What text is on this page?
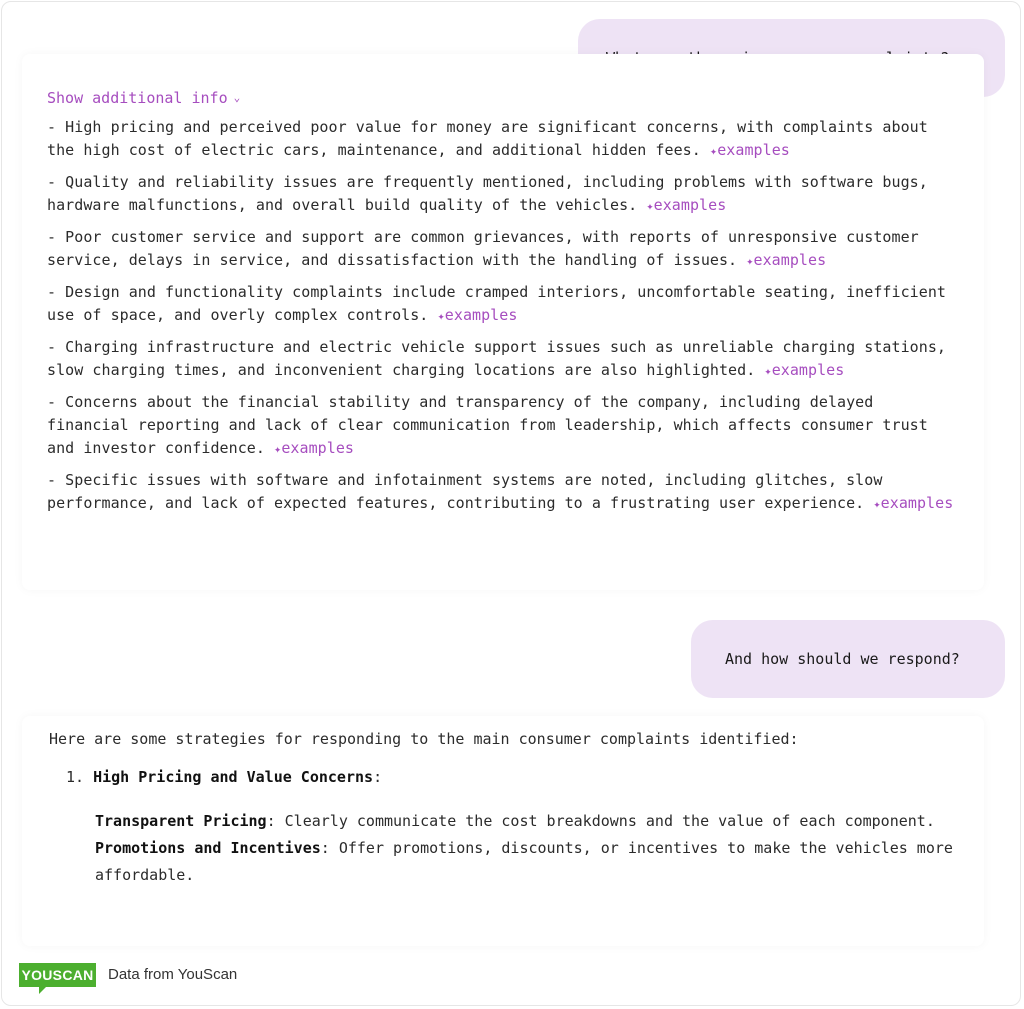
Show additional info ⌄

- High pricing and perceived poor value for money are significant concerns, with complaints about the high cost of electric cars, maintenance, and additional hidden fees. ✦examples

- Quality and reliability issues are frequently mentioned, including problems with software bugs, hardware malfunctions, and overall build quality of the vehicles. ✦examples

- Poor customer service and support are common grievances, with reports of unresponsive customer service, delays in service, and dissatisfaction with the handling of issues. ✦examples

- Design and functionality complaints include cramped interiors, uncomfortable seating, inefficient use of space, and overly complex controls. ✦examples

- Charging infrastructure and electric vehicle support issues such as unreliable charging stations, slow charging times, and inconvenient charging locations are also highlighted. ✦examples

- Concerns about the financial stability and transparency of the company, including delayed financial reporting and lack of clear communication from leadership, which affects consumer trust and investor confidence. ✦examples

- Specific issues with software and infotainment systems are noted, including glitches, slow performance, and lack of expected features, contributing to a frustrating user experience. ✦examples

And how should we respond?

Here are some strategies for responding to the main consumer complaints identified:

1. High Pricing and Value Concerns:

Transparent Pricing: Clearly communicate the cost breakdowns and the value of each component.

Promotions and Incentives: Offer promotions, discounts, or incentives to make the vehicles more affordable.

YOUSCAN Data from YouScan
